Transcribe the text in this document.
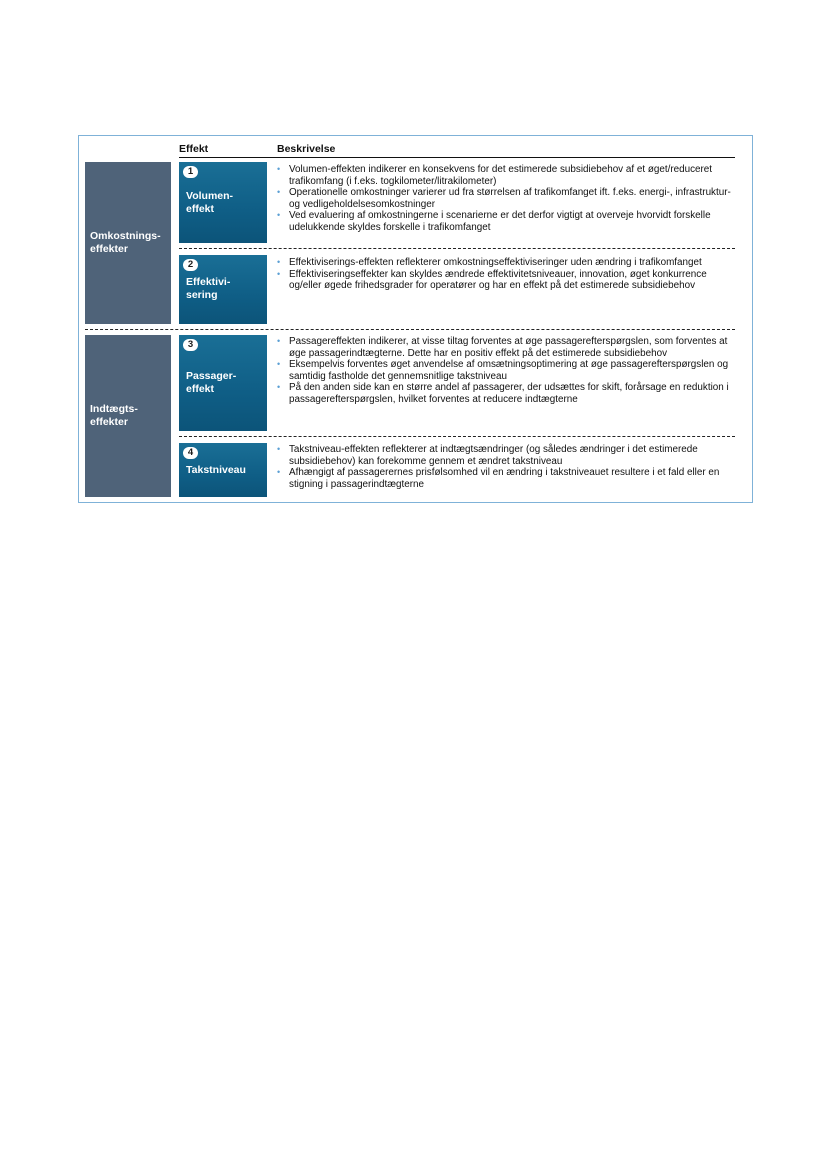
Effekt	Beskrivelse
Omkostnings-
effekter
Indtægts-
effekter
1
Volumen-
effekt
• Volumen-effekten indikerer en konsekvens for det estimerede subsidiebehov af et øget/reduceret trafikomfang (i f.eks. togkilometer/litrakilometer)
• Operationelle omkostninger varierer ud fra størrelsen af trafikomfanget ift. f.eks. energi-, infrastruktur- og vedligeholdelsesomkostninger
• Ved evaluering af omkostningerne i scenarierne er det derfor vigtigt at overveje hvorvidt forskelle udelukkende skyldes forskelle i trafikomfanget
2
Effektivi-
sering
• Effektiviserings-effekten reflekterer omkostningseffektiviseringer uden ændring i trafikomfanget
• Effektiviseringseffekter kan skyldes ændrede effektivitetsniveauer, innovation, øget konkurrence og/eller øgede frihedsgrader for operatører og har en effekt på det estimerede subsidiebehov
3
Passager-
effekt
• Passagereffekten indikerer, at visse tiltag forventes at øge passagerefterspørgslen, som forventes at øge passagerindtægterne. Dette har en positiv effekt på det estimerede subsidiebehov
• Eksempelvis forventes øget anvendelse af omsætningsoptimering at øge passagerefterspørgslen og samtidig fastholde det gennemsnitlige takstniveau
• På den anden side kan en større andel af passagerer, der udsættes for skift, forårsage en reduktion i passagerefterspørgslen, hvilket forventes at reducere indtægterne
4
Takstniveau
• Takstniveau-effekten reflekterer at indtægtsændringer (og således ændringer i det estimerede subsidiebehov) kan forekomme gennem et ændret takstniveau
• Afhængigt af passagerernes prisfølsomhed vil en ændring i takstniveauet resultere i et fald eller en stigning i passagerindtægterne
